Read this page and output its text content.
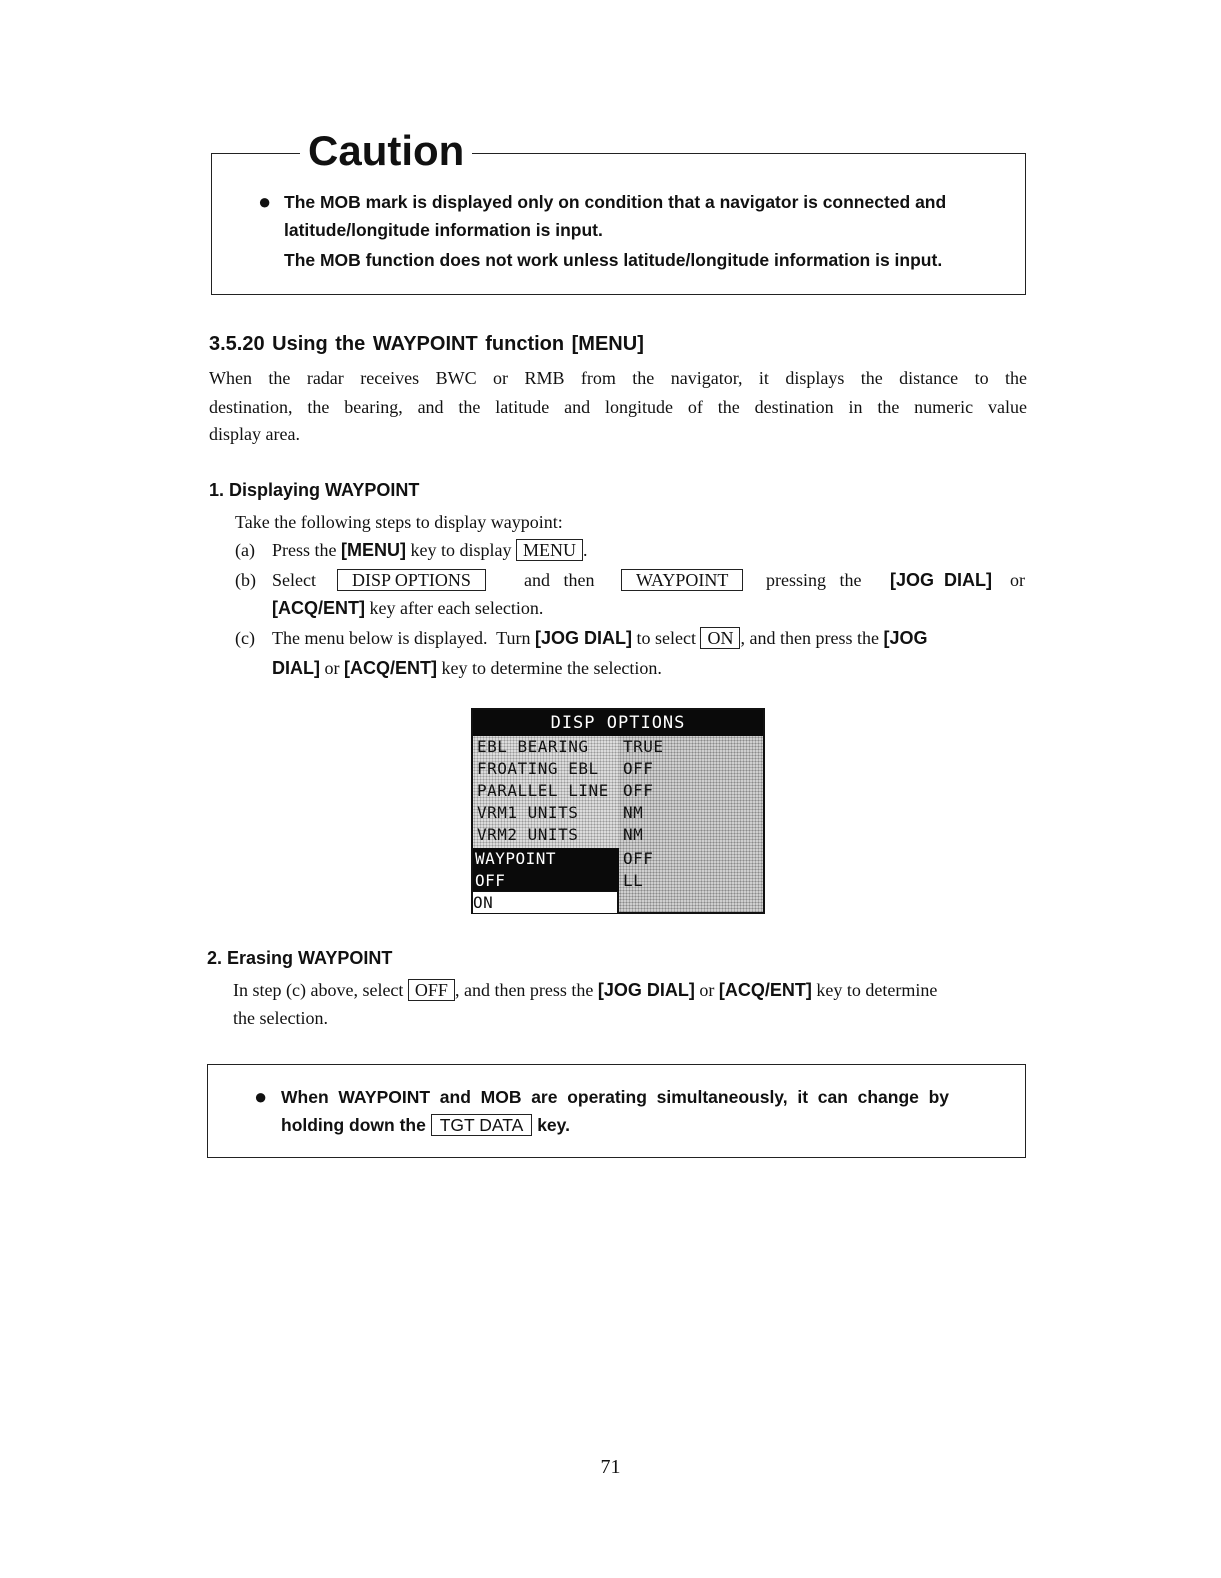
Caution
● The MOB mark is displayed only on condition that a navigator is connected and
latitude/longitude information is input.
The MOB function does not work unless latitude/longitude information is input.
3.5.20 Using the WAYPOINT function [MENU]
When the radar receives BWC or RMB from the navigator, it displays the distance to the
destination, the bearing, and the latitude and longitude of the destination in the numeric value
display area.
1. Displaying WAYPOINT
Take the following steps to display waypoint:
(a) Press the [MENU] key to display MENU .
(b) Select	DISP OPTIONS	and   then	WAYPOINT	pressing   the [JOG  DIAL] or
[ACQ/ENT] key after each selection.
(c) The menu below is displayed.  Turn [JOG DIAL] to select ON , and then press the [JOG
DIAL] or [ACQ/ENT] key to determine the selection.
DISP OPTIONS
EBL BEARING	TRUE
FROATING EBL	OFF
PARALLEL LINE OFF
VRM1 UNITS	NM
VRM2 UNITS	NM
WAYPOINT	OFF
OFF	LL
ON
2. Erasing WAYPOINT
In step (c) above, select OFF , and then press the [JOG DIAL] or [ACQ/ENT] key to determine
the selection.
● When  WAYPOINT  and  MOB  are  operating  simultaneously,  it  can  change  by
holding down the TGT DATA key.
71
